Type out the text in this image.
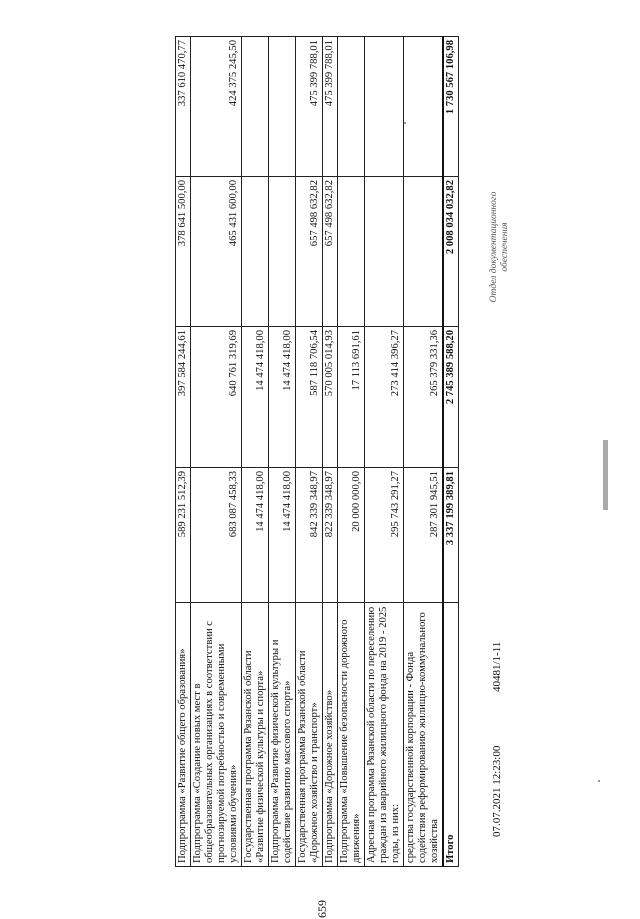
659
Подпрограмма «Развитие общего образования»	589 231 512,39	397 584 244,61	378 641 500,00	337 610 470,77
Подпрограмма «Создание новых мест в общеобразовательных организациях в соответствии с прогнозируемой потребностью и современными условиями обучения»	683 087 458,33	640 761 319,69	465 431 600,00	424 375 245,50
Государственная программа Рязанской области «Развитие физической культуры и спорта»	14 474 418,00	14 474 418,00		
Подпрограмма «Развитие физической культуры и содействие развитию массового спорта»	14 474 418,00	14 474 418,00		
Государственная программа Рязанской области «Дорожное хозяйство и транспорт»	842 339 348,97	587 118 706,54	657 498 632,82	475 399 788,01
Подпрограмма «Дорожное хозяйство»	822 339 348,97	570 005 014,93	657 498 632,82	475 399 788,01
Подпрограмма «Повышение безопасности дорожного движения»	20 000 000,00	17 113 691,61		
Адресная программа Рязанской области по переселению граждан из аварийного жилищного фонда на 2019 - 2025 годы, из них:	295 743 291,27	273 414 396,27		
средства государственной корпорации - Фонда содействия реформированию жилищно-коммунального хозяйства	287 301 945,51	265 379 331,36		
Итого	3 337 199 389,81	2 745 389 588,20	2 008 034 032,82	1 730 567 106,98
07.07.2021 12:23:00
40481/1-11
Отдел документационного обеспечения
